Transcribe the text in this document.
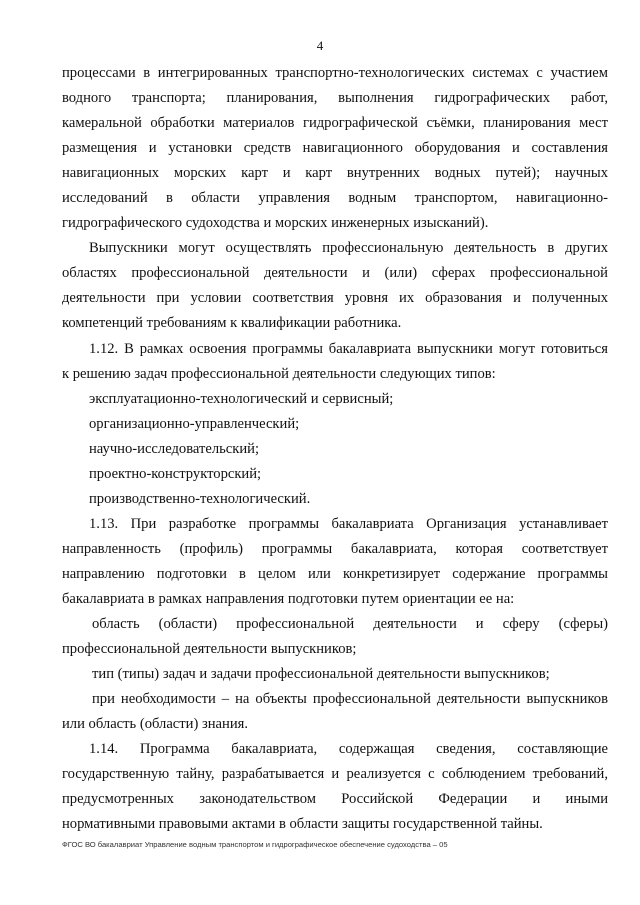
4
процессами в интегрированных транспортно-технологических системах с участием
водного транспорта; планирования, выполнения гидрографических работ,
камеральной обработки материалов гидрографической съёмки, планирования мест
размещения и установки средств навигационного оборудования и составления
навигационных морских карт и карт внутренних водных путей); научных
исследований в области управления водным транспортом, навигационно-
гидрографического судоходства и морских инженерных изысканий).
Выпускники могут осуществлять профессиональную деятельность в других
областях профессиональной деятельности и (или) сферах профессиональной
деятельности при условии соответствия уровня их образования и полученных
компетенций требованиям к квалификации работника.
1.12. В рамках освоения программы бакалавриата выпускники могут готовиться
к решению задач профессиональной деятельности следующих типов:
эксплуатационно-технологический и сервисный;
организационно-управленческий;
научно-исследовательский;
проектно-конструкторский;
производственно-технологический.
1.13. При разработке программы бакалавриата Организация устанавливает
направленность (профиль) программы бакалавриата, которая соответствует
направлению подготовки в целом или конкретизирует содержание программы
бакалавриата в рамках направления подготовки путем ориентации ее на:
область (области) профессиональной деятельности и сферу (сферы)
профессиональной деятельности выпускников;
тип (типы) задач и задачи профессиональной деятельности выпускников;
при необходимости – на объекты профессиональной деятельности выпускников
или область (области) знания.
1.14. Программа бакалавриата, содержащая сведения, составляющие
государственную тайну, разрабатывается и реализуется с соблюдением требований,
предусмотренных законодательством Российской Федерации и иными
нормативными правовыми актами в области защиты государственной тайны.
ФГОС ВО бакалавриат Управление водным транспортом и гидрографическое обеспечение судоходства – 05
